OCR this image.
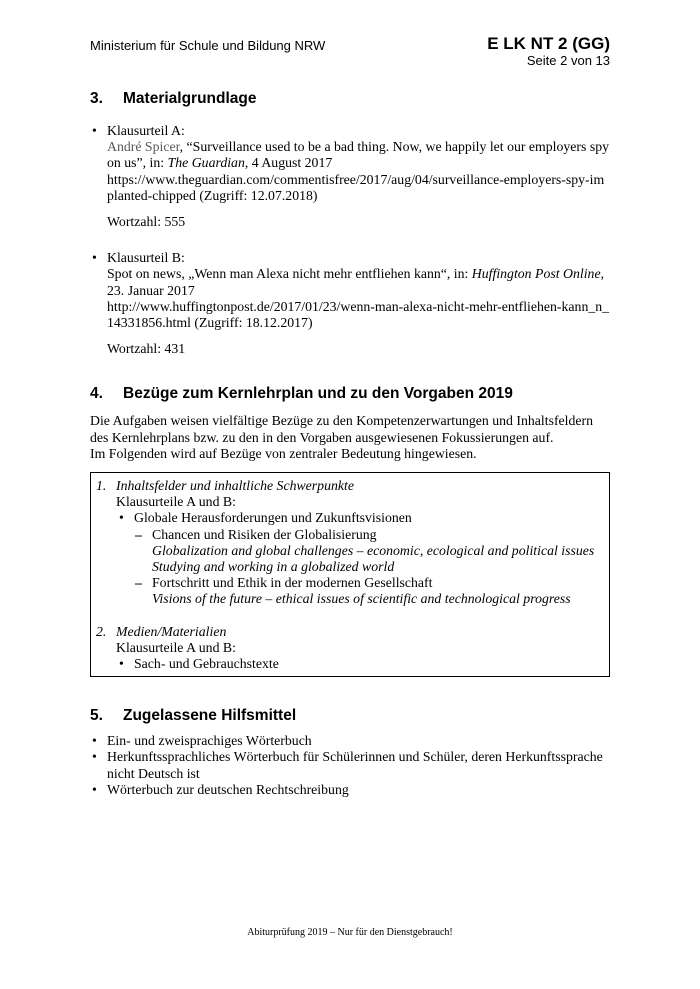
Ministerium für Schule und Bildung NRW	E LK NT 2 (GG)
Seite 2 von 13
3. Materialgrundlage
• Klausurteil A:
André Spicer, “Surveillance used to be a bad thing. Now, we happily let our employers spy on us”, in: The Guardian, 4 August 2017
https://www.theguardian.com/commentisfree/2017/aug/04/surveillance-employers-spy-implanted-chipped (Zugriff: 12.07.2018)
Wortzahl: 555
• Klausurteil B:
Spot on news, „Wenn man Alexa nicht mehr entfliehen kann“, in: Huffington Post Online, 23. Januar 2017
http://www.huffingtonpost.de/2017/01/23/wenn-man-alexa-nicht-mehr-entfliehen-kann_n_14331856.html (Zugriff: 18.12.2017)
Wortzahl: 431
4. Bezüge zum Kernlehrplan und zu den Vorgaben 2019
Die Aufgaben weisen vielfältige Bezüge zu den Kompetenzerwartungen und Inhaltsfeldern des Kernlehrplans bzw. zu den in den Vorgaben ausgewiesenen Fokussierungen auf.
Im Folgenden wird auf Bezüge von zentraler Bedeutung hingewiesen.
1. Inhaltsfelder und inhaltliche Schwerpunkte
Klausurteile A und B:
• Globale Herausforderungen und Zukunftsvisionen
– Chancen und Risiken der Globalisierung
Globalization and global challenges – economic, ecological and political issues
Studying and working in a globalized world
– Fortschritt und Ethik in der modernen Gesellschaft
Visions of the future – ethical issues of scientific and technological progress
2. Medien/Materialien
Klausurteile A und B:
• Sach- und Gebrauchstexte
5. Zugelassene Hilfsmittel
• Ein- und zweisprachiges Wörterbuch
• Herkunftssprachliches Wörterbuch für Schülerinnen und Schüler, deren Herkunftssprache nicht Deutsch ist
• Wörterbuch zur deutschen Rechtschreibung
Abiturprüfung 2019 – Nur für den Dienstgebrauch!
